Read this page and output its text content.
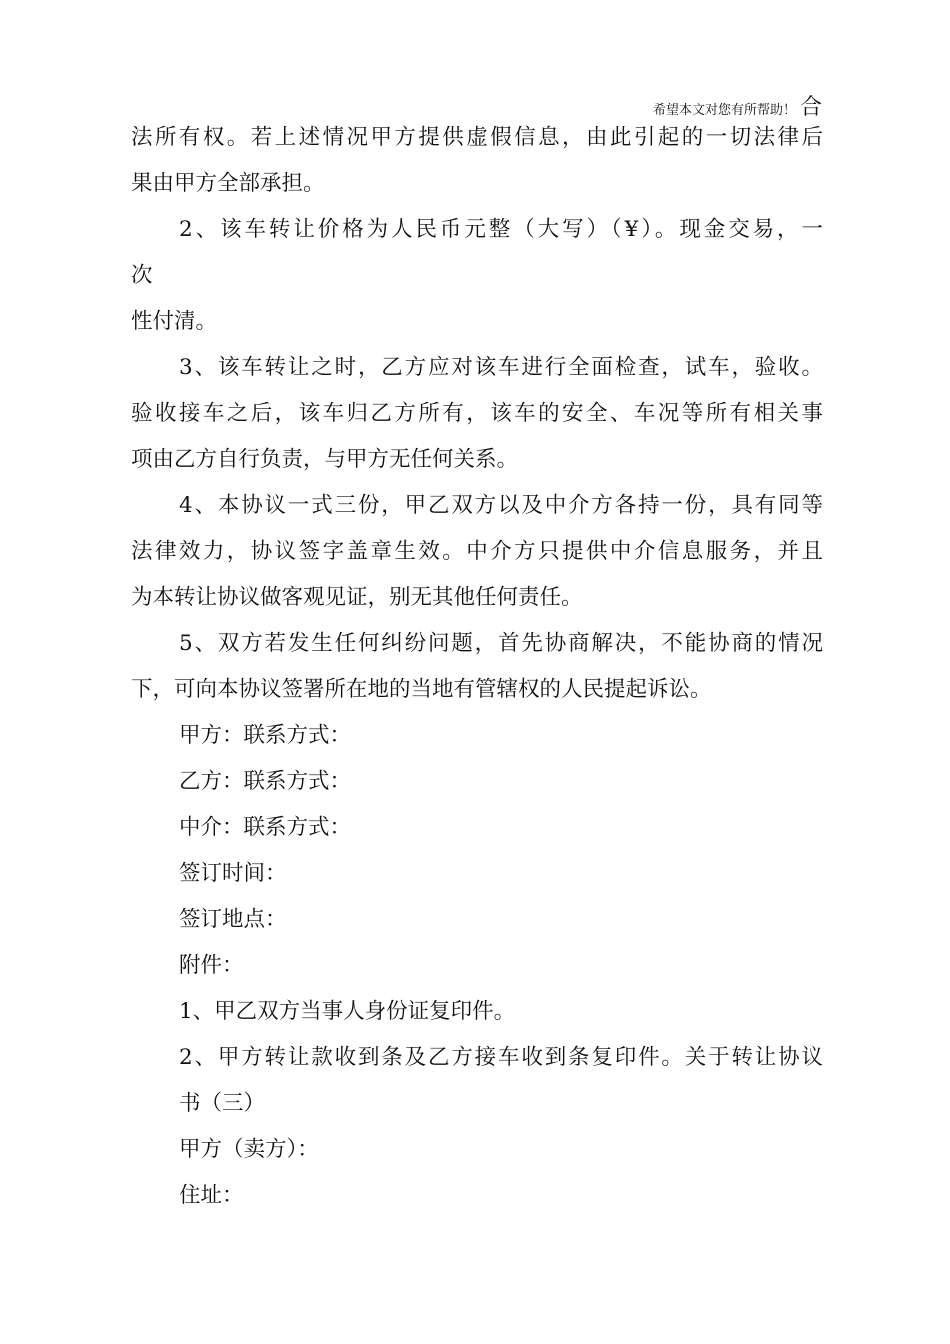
希望本文对您有所帮助！ 合
法所有权。若上述情况甲方提供虚假信息，由此引起的一切法律后
果由甲方全部承担。
2、该车转让价格为人民币元整（大写）（¥）。现金交易，一
次
性付清。
3、该车转让之时，乙方应对该车进行全面检查，试车，验收。
验收接车之后，该车归乙方所有，该车的安全、车况等所有相关事
项由乙方自行负责，与甲方无任何关系。
4、本协议一式三份，甲乙双方以及中介方各持一份，具有同等
法律效力，协议签字盖章生效。中介方只提供中介信息服务，并且
为本转让协议做客观见证，别无其他任何责任。
5、双方若发生任何纠纷问题，首先协商解决，不能协商的情况
下，可向本协议签署所在地的当地有管辖权的人民提起诉讼。
甲方：联系方式：
乙方：联系方式：
中介：联系方式：
签订时间：
签订地点：
附件：
1、甲乙双方当事人身份证复印件。
2、甲方转让款收到条及乙方接车收到条复印件。关于转让协议
书（三）
甲方（卖方）：
住址：
